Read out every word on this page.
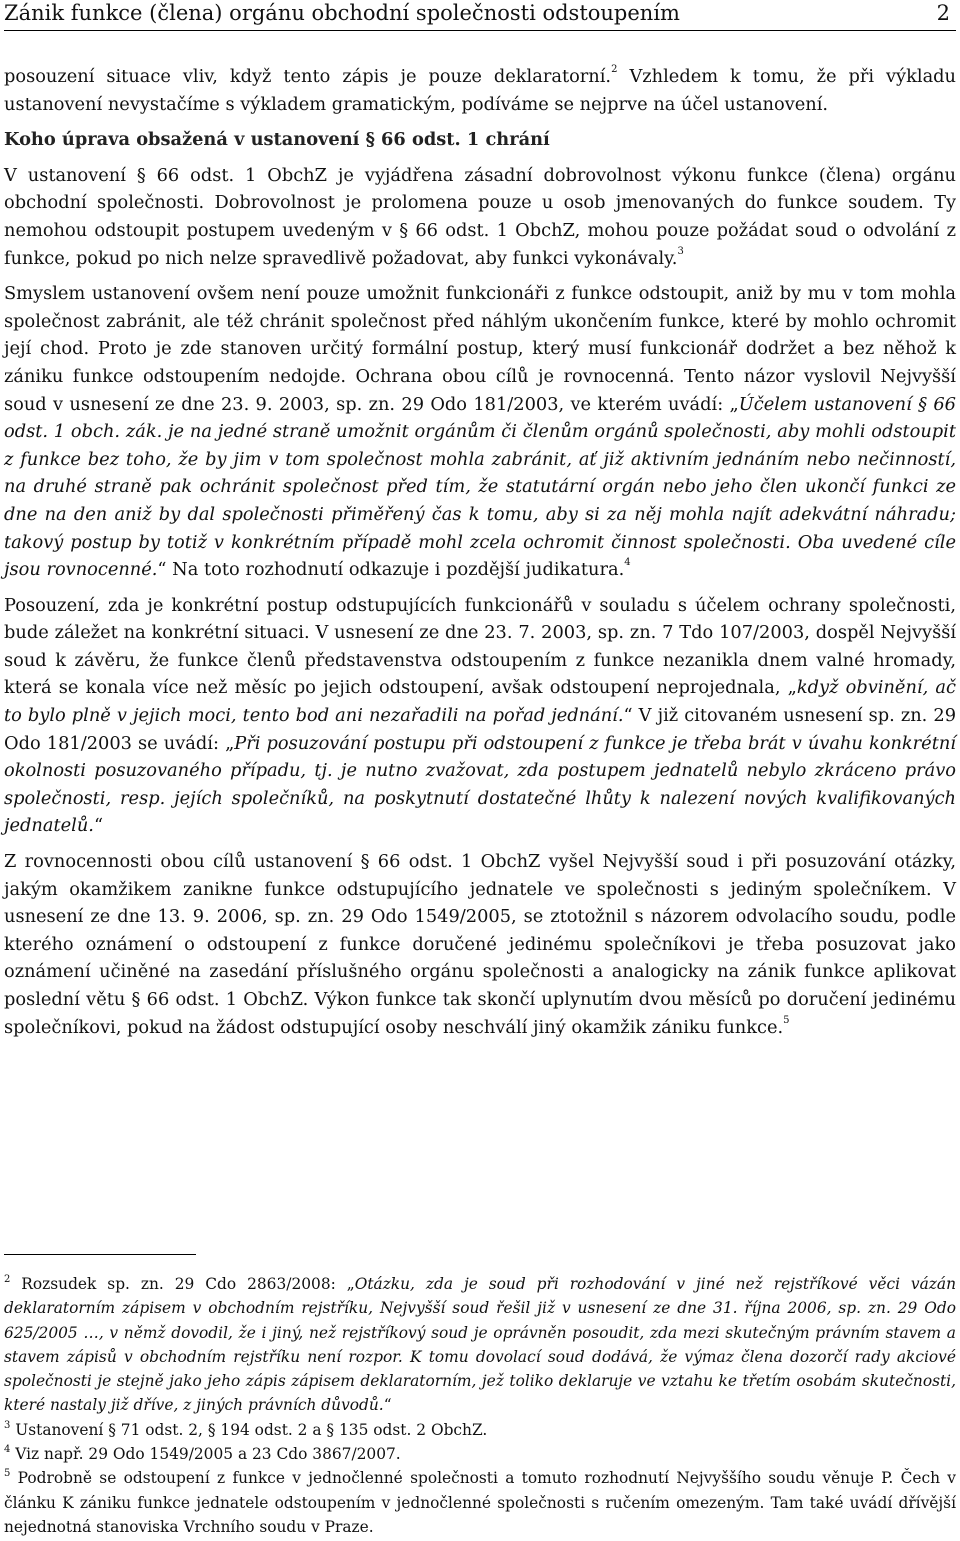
Zánik funkce (člena) orgánu obchodní společnosti odstoupením	2

posouzení situace vliv, když tento zápis je pouze deklaratorní.$^2$ Vzhledem k tomu, že při výkladu ustanovení nevystačíme s výkladem gramatickým, podíváme se nejprve na účel ustanovení.

Koho úprava obsažená v ustanovení § 66 odst. 1 chrání

V ustanovení § 66 odst. 1 ObchZ je vyjádřena zásadní dobrovolnost výkonu funkce (člena) orgánu obchodní společnosti. Dobrovolnost je prolomena pouze u osob jmenovaných do funkce soudem. Ty nemohou odstoupit postupem uvedeným v § 66 odst. 1 ObchZ, mohou pouze požádat soud o odvolání z funkce, pokud po nich nelze spravedlivě požadovat, aby funkci vykonávaly.$^3$

Smyslem ustanovení ovšem není pouze umožnit funkcionáři z funkce odstoupit, aniž by mu v tom mohla společnost zabránit, ale též chránit společnost před náhlým ukončením funkce, které by mohlo ochromit její chod. Proto je zde stanoven určitý formální postup, který musí funkcionář dodržet a bez něhož k zániku funkce odstoupením nedojde. Ochrana obou cílů je rovnocenná. Tento názor vyslovil Nejvyšší soud v usnesení ze dne 23. 9. 2003, sp. zn. 29 Odo 181/2003, ve kterém uvádí: „Účelem ustanovení § 66 odst. 1 obch. zák. je na jedné straně umožnit orgánům či členům orgánů společnosti, aby mohli odstoupit z funkce bez toho, že by jim v tom společnost mohla zabránit, ať již aktivním jednáním nebo nečinností, na druhé straně pak ochránit společnost před tím, že statutární orgán nebo jeho člen ukončí funkci ze dne na den aniž by dal společnosti přiměřený čas k tomu, aby si za něj mohla najít adekvátní náhradu; takový postup by totiž v konkrétním případě mohl zcela ochromit činnost společnosti. Oba uvedené cíle jsou rovnocenné.“ Na toto rozhodnutí odkazuje i pozdější judikatura.$^4$

Posouzení, zda je konkrétní postup odstupujících funkcionářů v souladu s účelem ochrany společnosti, bude záležet na konkrétní situaci. V usnesení ze dne 23. 7. 2003, sp. zn. 7 Tdo 107/2003, dospěl Nejvyšší soud k závěru, že funkce členů představenstva odstoupením z funkce nezanikla dnem valné hromady, která se konala více než měsíc po jejich odstoupení, avšak odstoupení neprojednala, „když obvinění, ač to bylo plně v jejich moci, tento bod ani nezařadili na pořad jednání.“ V již citovaném usnesení sp. zn. 29 Odo 181/2003 se uvádí: „Při posuzování postupu při odstoupení z funkce je třeba brát v úvahu konkrétní okolnosti posuzovaného případu, tj. je nutno zvažovat, zda postupem jednatelů nebylo zkráceno právo společnosti, resp. jejích společníků, na poskytnutí dostatečné lhůty k nalezení nových kvalifikovaných jednatelů.“

Z rovnocennosti obou cílů ustanovení § 66 odst. 1 ObchZ vyšel Nejvyšší soud i při posuzování otázky, jakým okamžikem zanikne funkce odstupujícího jednatele ve společnosti s jediným společníkem. V usnesení ze dne 13. 9. 2006, sp. zn. 29 Odo 1549/2005, se ztotožnil s názorem odvolacího soudu, podle kterého oznámení o odstoupení z funkce doručené jedinému společníkovi je třeba posuzovat jako oznámení učiněné na zasedání příslušného orgánu společnosti a analogicky na zánik funkce aplikovat poslední větu § 66 odst. 1 ObchZ. Výkon funkce tak skončí uplynutím dvou měsíců po doručení jedinému společníkovi, pokud na žádost odstupující osoby neschválí jiný okamžik zániku funkce.$^5$

$^2$ Rozsudek sp. zn. 29 Cdo 2863/2008: „Otázku, zda je soud při rozhodování v jiné než rejstříkové věci vázán deklaratorním zápisem v obchodním rejstříku, Nejvyšší soud řešil již v usnesení ze dne 31. října 2006, sp. zn. 29 Odo 625/2005 …, v němž dovodil, že i jiný, než rejstříkový soud je oprávněn posoudit, zda mezi skutečným právním stavem a stavem zápisů v obchodním rejstříku není rozpor. K tomu dovolací soud dodává, že výmaz člena dozorčí rady akciové společnosti je stejně jako jeho zápis zápisem deklaratorním, jež toliko deklaruje ve vztahu ke třetím osobám skutečnosti, které nastaly již dříve, z jiných právních důvodů.“

$^3$ Ustanovení § 71 odst. 2, § 194 odst. 2 a § 135 odst. 2 ObchZ.

$^4$ Viz např. 29 Odo 1549/2005 a 23 Cdo 3867/2007.

$^5$ Podrobně se odstoupení z funkce v jednočlenné společnosti a tomuto rozhodnutí Nejvyššího soudu věnuje P. Čech v článku K zániku funkce jednatele odstoupením v jednočlenné společnosti s ručením omezeným. Tam také uvádí dřívější nejednotná stanoviska Vrchního soudu v Praze.
